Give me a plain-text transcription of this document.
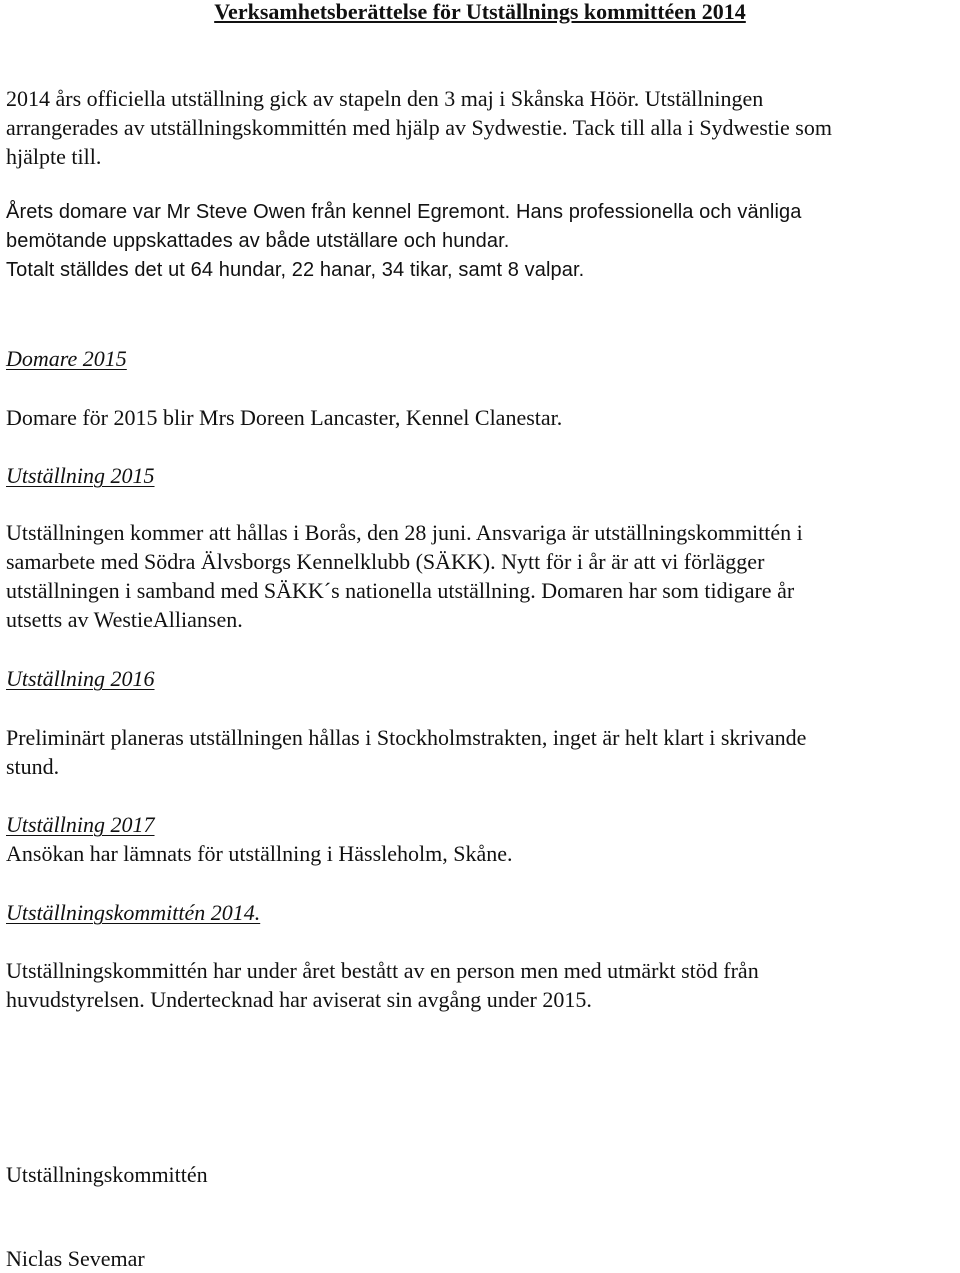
Verksamhetsberättelse för Utställnings kommittéen 2014
2014 års officiella utställning gick av stapeln den 3 maj i Skånska Höör. Utställningen
arrangerades av utställningskommittén med hjälp av Sydwestie. Tack till alla i Sydwestie som
hjälpte till.
Årets domare var Mr Steve Owen från kennel Egremont. Hans professionella och vänliga
bemötande uppskattades av både utställare och hundar.
Totalt ställdes det ut 64 hundar, 22 hanar, 34 tikar, samt 8 valpar.
Domare 2015
Domare för 2015 blir Mrs Doreen Lancaster, Kennel Clanestar.
Utställning 2015
Utställningen kommer att hållas i Borås, den 28 juni. Ansvariga är utställningskommittén i
samarbete med Södra Älvsborgs Kennelklubb (SÄKK). Nytt för i år är att vi förlägger
utställningen i samband med SÄKK´s nationella utställning. Domaren har som tidigare år
utsetts av WestieAlliansen.
Utställning 2016
Preliminärt planeras utställningen hållas i Stockholmstrakten, inget är helt klart i skrivande
stund.
Utställning 2017
Ansökan har lämnats för utställning i Hässleholm, Skåne.
Utställningskommittén 2014.
Utställningskommittén har under året bestått av en person men med utmärkt stöd från
huvudstyrelsen. Undertecknad har aviserat sin avgång under 2015.
Utställningskommittén
Niclas Sevemar
